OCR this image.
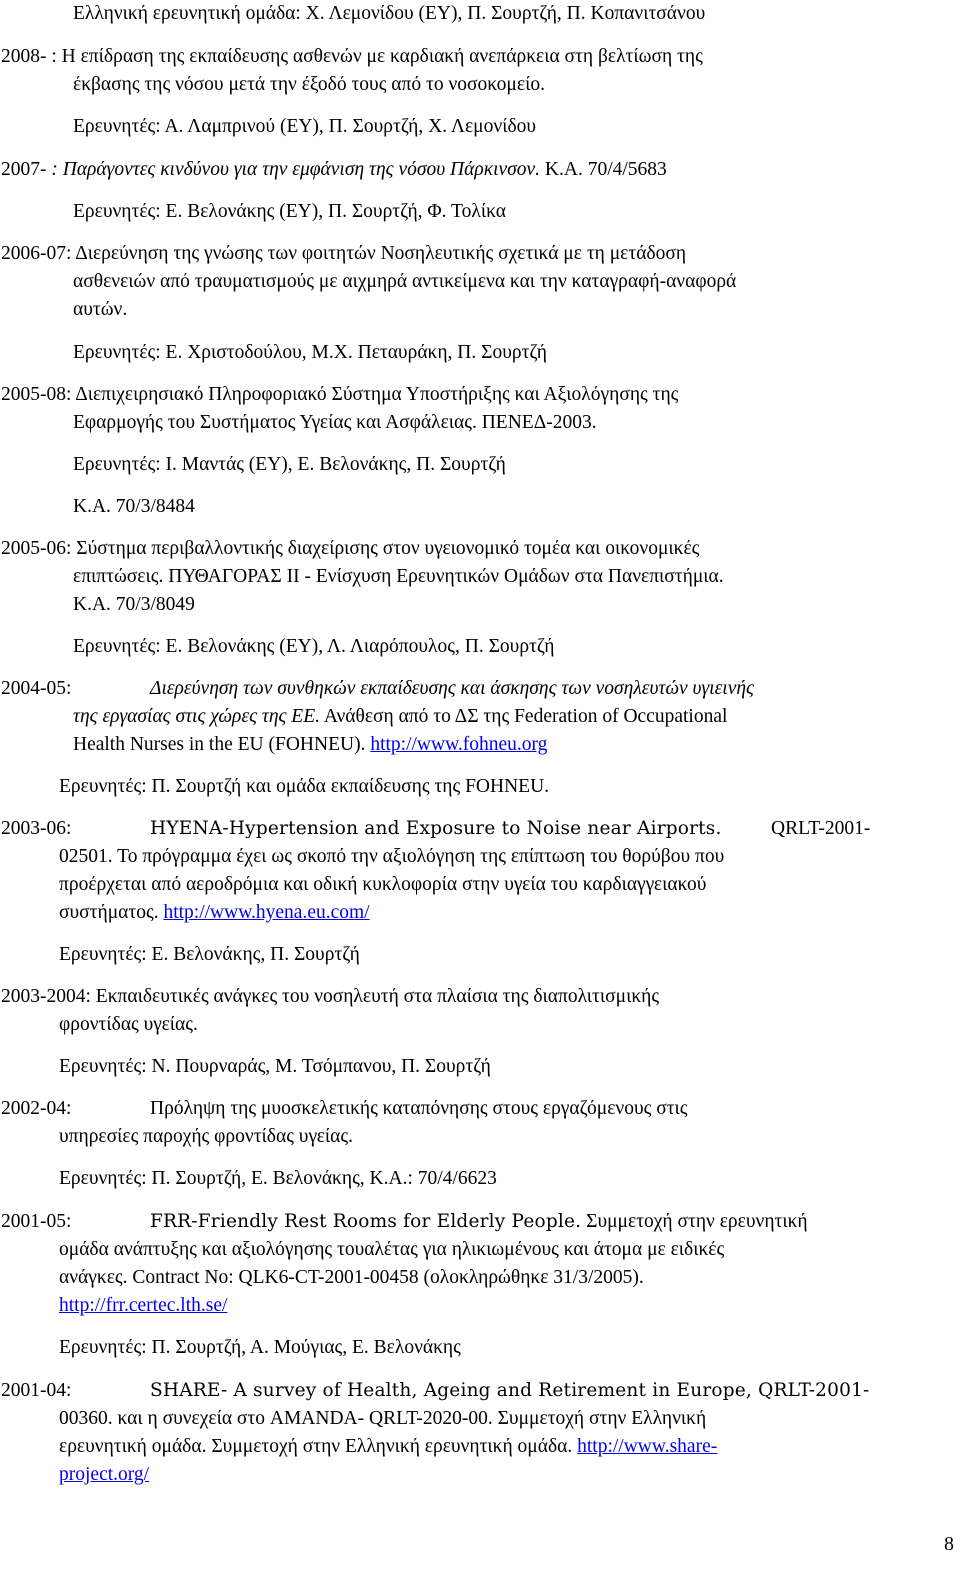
Ελληνική ερευνητική ομάδα: Χ. Λεμονίδου (ΕΥ), Π. Σουρτζή, Π. Κοπανιτσάνου
2008- : Η επίδραση της εκπαίδευσης ασθενών με καρδιακή ανεπάρκεια στη βελτίωση της
έκβασης της νόσου μετά την έξοδό τους από το νοσοκομείο.
Ερευνητές: Α. Λαμπρινού (ΕΥ), Π. Σουρτζή, Χ. Λεμονίδου
2007- : Παράγοντες κινδύνου για την εμφάνιση της νόσου Πάρκινσον. Κ.Α. 70/4/5683
Ερευνητές: Ε. Βελονάκης (ΕΥ), Π. Σουρτζή, Φ. Τολίκα
2006-07: Διερεύνηση της γνώσης των φοιτητών Νοσηλευτικής σχετικά με τη μετάδοση
ασθενειών από τραυματισμούς με αιχμηρά αντικείμενα και την καταγραφή-αναφορά
αυτών.
Ερευνητές: Ε. Χριστοδούλου, Μ.Χ. Πεταυράκη, Π. Σουρτζή
2005-08: Διεπιχειρησιακό Πληροφοριακό Σύστημα Υποστήριξης και Αξιολόγησης της
Εφαρμογής του Συστήματος Υγείας και Ασφάλειας. ΠΕΝΕΔ-2003.
Ερευνητές: Ι. Μαντάς (ΕΥ), Ε. Βελονάκης, Π. Σουρτζή
Κ.Α. 70/3/8484
2005-06: Σύστημα περιβαλλοντικής διαχείρισης στον υγειονομικό τομέα και οικονομικές
επιπτώσεις. ΠΥΘΑΓΟΡΑΣ ΙΙ - Ενίσχυση Ερευνητικών Ομάδων στα Πανεπιστήμια.
Κ.Α. 70/3/8049
Ερευνητές: Ε. Βελονάκης (ΕΥ), Λ. Λιαρόπουλος, Π. Σουρτζή
2004-05:	Διερεύνηση των συνθηκών εκπαίδευσης και άσκησης των νοσηλευτών υγιεινής
της εργασίας στις χώρες της ΕΕ. Ανάθεση από το ΔΣ της Federation of Occupational
Health Nurses in the EU (FOHNEU). http://www.fohneu.org
Ερευνητές: Π. Σουρτζή και ομάδα εκπαίδευσης της FOHNEU.
2003-06:	HYENA-Hypertension and Exposure to Noise near Airports.	QRLT-2001-
02501. Το πρόγραμμα έχει ως σκοπό την αξιολόγηση της επίπτωση του θορύβου που
προέρχεται από αεροδρόμια και οδική κυκλοφορία στην υγεία του καρδιαγγειακού
συστήματος. http://www.hyena.eu.com/
Ερευνητές: Ε. Βελονάκης, Π. Σουρτζή
2003-2004: Εκπαιδευτικές ανάγκες του νοσηλευτή στα πλαίσια της διαπολιτισμικής
φροντίδας υγείας.
Ερευνητές: Ν. Πουρναράς, Μ. Τσόμπανου, Π. Σουρτζή
2002-04:	Πρόληψη της μυοσκελετικής καταπόνησης στους εργαζόμενους στις
υπηρεσίες παροχής φροντίδας υγείας.
Ερευνητές: Π. Σουρτζή, Ε. Βελονάκης, Κ.Α.: 70/4/6623
2001-05:	FRR-Friendly Rest Rooms for Elderly People. Συμμετοχή στην ερευνητική
ομάδα ανάπτυξης και αξιολόγησης τουαλέτας για ηλικιωμένους και άτομα με ειδικές
ανάγκες. Contract No: QLK6-CT-2001-00458 (ολοκληρώθηκε 31/3/2005).
http://frr.certec.lth.se/
Ερευνητές: Π. Σουρτζή, Α. Μούγιας, Ε. Βελονάκης
2001-04:	SHARE- A survey of Health, Ageing and Retirement in Europe, QRLT-2001-
00360. και η συνεχεία στο AMANDA- QRLT-2020-00. Συμμετοχή στην Ελληνική
ερευνητική ομάδα. Συμμετοχή στην Ελληνική ερευνητική ομάδα. http://www.share-
project.org/
8
